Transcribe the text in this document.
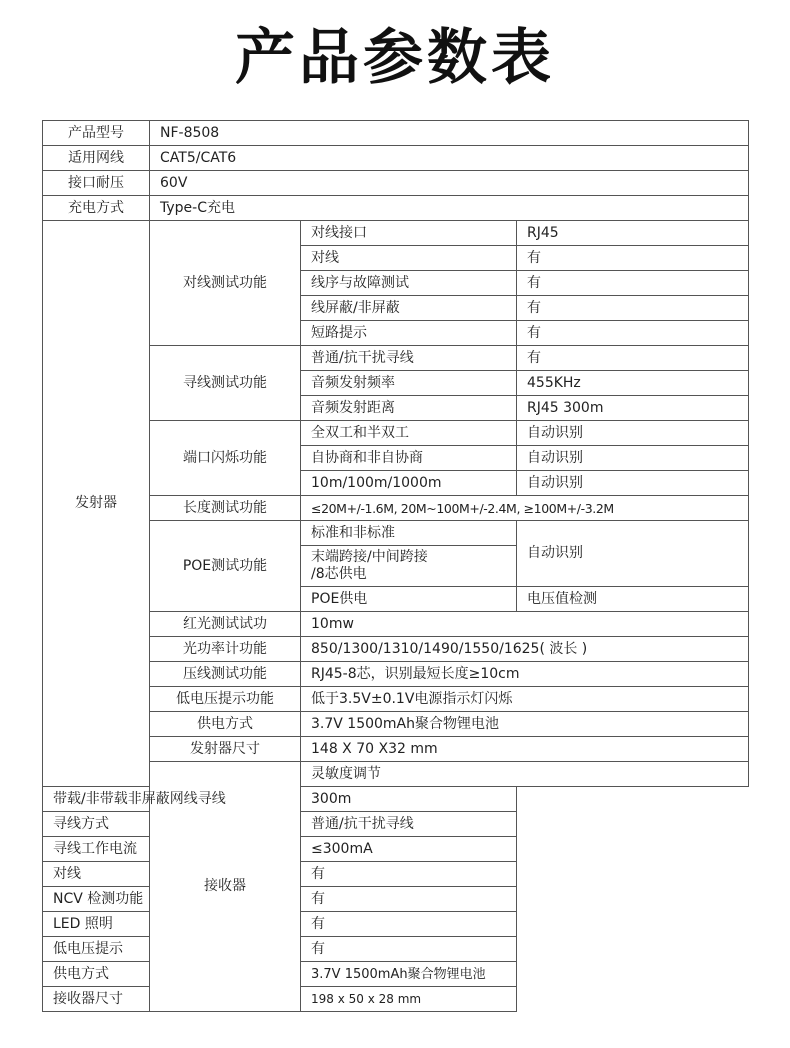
产品参数表
产品型号	NF-8508			
适用网线	CAT5/CAT6			
接口耐压	60V			
充电方式	Type-C充电			
发射器	对线测试功能	对线接口	RJ45	
		对线	有	
		线序与故障测试	有	
		线屏蔽/非屏蔽	有	
		短路提示	有	
	寻线测试功能	普通/抗干扰寻线	有	
		音频发射频率	455KHz	
		音频发射距离	RJ45 300m	
	端口闪烁功能	全双工和半双工	自动识别	
		自协商和非自协商	自动识别	
		10m/100m/1000m	自动识别	
	长度测试功能	≤20M+/-1.6M, 20M~100M+/-2.4M, ≥100M+/-3.2M		
	POE测试功能	标准和非标准	自动识别	

		末端跨接/中间跨接
/8芯供电		

		POE供电	电压值检测	
	红光测试试功	10mw		
	光功率计功能	850/1300/1310/1490/1550/1625( 波长 )		
	压线测试功能	RJ45-8芯，识别最短长度≥10cm		
	低电压提示功能	低于3.5V±0.1V电源指示灯闪烁		
	供电方式	3.7V 1500mAh聚合物锂电池		
	发射器尺寸	148 X 70 X32 mm		
	接收器	灵敏度调节	
带载/非带载非屏蔽网线寻线		300m		
寻线方式		普通/抗干扰寻线		
寻线工作电流		≤300mA		
对线		有		
NCV 检测功能		有		
LED 照明		有		
低电压提示		有		
供电方式		3.7V 1500mAh聚合物锂电池		
接收器尺寸		198 x 50 x 28 mm		
